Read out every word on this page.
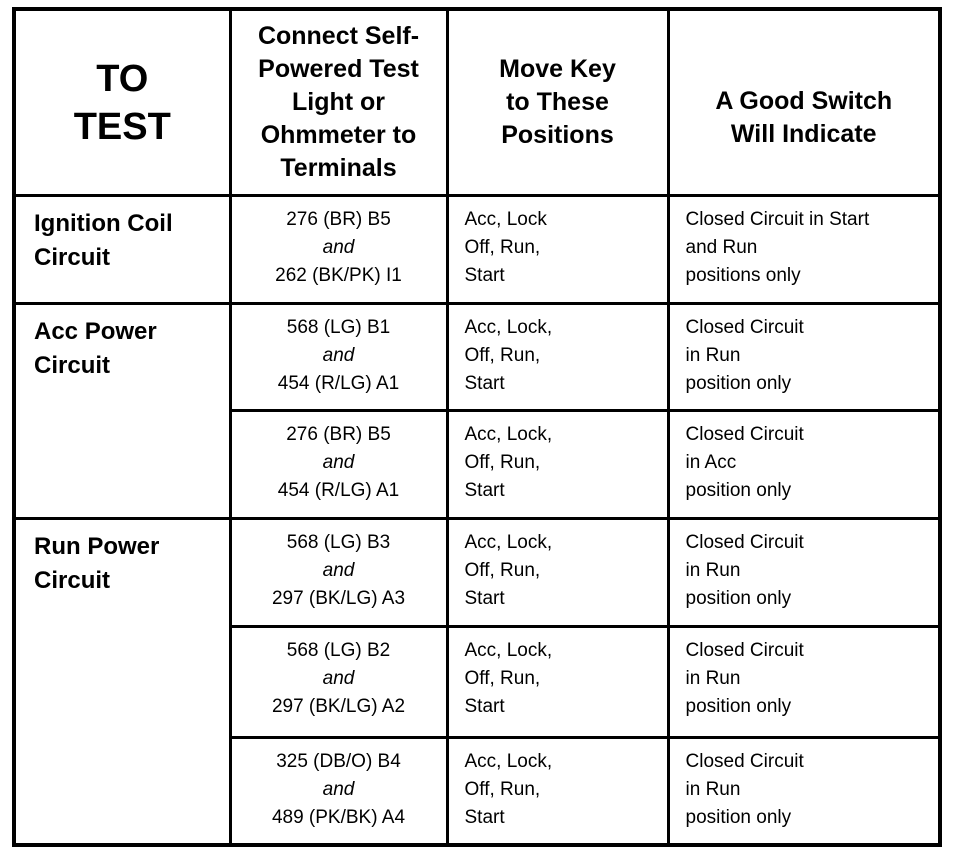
TO
TEST	Connect Self-
Powered Test
Light or
Ohmmeter to
Terminals	Move Key
to These
Positions	A Good Switch
Will Indicate

Ignition Coil
Circuit	276 (BR) B5
and
262 (BK/PK) I1	Acc, Lock
Off, Run,
Start	Closed Circuit in Start
and Run
positions only

Acc Power
Circuit	568 (LG) B1
and
454 (R/LG) A1	Acc, Lock,
Off, Run,
Start	Closed Circuit
in Run
position only

	276 (BR) B5
and
454 (R/LG) A1	Acc, Lock,
Off, Run,
Start	Closed Circuit
in Acc
position only

Run Power
Circuit	568 (LG) B3
and
297 (BK/LG) A3	Acc, Lock,
Off, Run,
Start	Closed Circuit
in Run
position only

	568 (LG) B2
and
297 (BK/LG) A2	Acc, Lock,
Off, Run,
Start	Closed Circuit
in Run
position only

	325 (DB/O) B4
and
489 (PK/BK) A4	Acc, Lock,
Off, Run,
Start	Closed Circuit
in Run
position only
